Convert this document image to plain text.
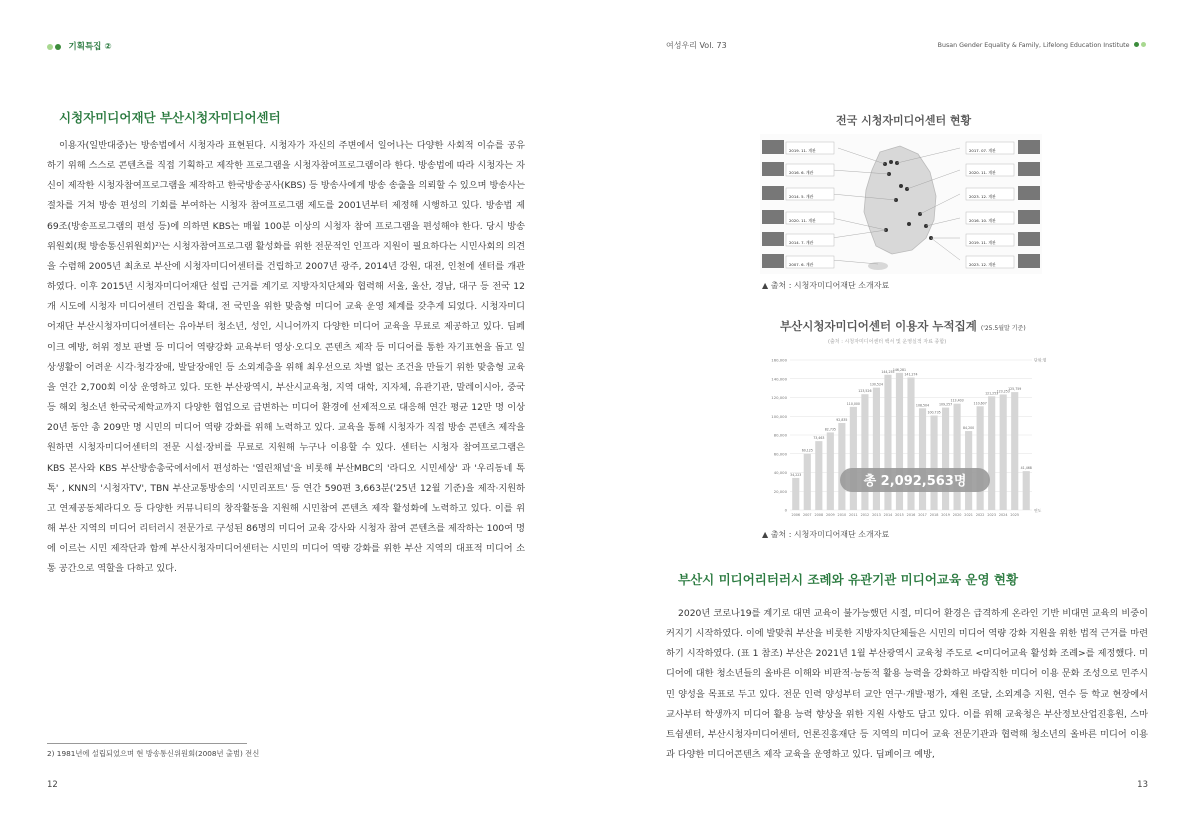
기획특집 ②	여성우리 Vol. 73	Busan Gender Equality & Family, Lifelong Education Institute
시청자미디어재단 부산시청자미디어센터

이용자(일반대중)는 방송법에서 시청자라 표현된다. 시청자가 자신의 주변에서 일어나는 다양한 사회적 이슈를 공유하기 위해 스스로 콘텐츠를 직접 기획하고 제작한 프로그램을 시청자참여프로그램이라 한다. 방송법에 따라 시청자는 자신이 제작한 시청자참여프로그램을 제작하고 한국방송공사(KBS) 등 방송사에게 방송 송출을 의뢰할 수 있으며 방송사는 절차를 거쳐 방송 편성의 기회를 부여하는 시청자 참여프로그램 제도를 2001년부터 제정해 시행하고 있다. 방송법 제69조(방송프로그램의 편성 등)에 의하면 KBS는 매월 100분 이상의 시청자 참여 프로그램을 편성해야 한다. 당시 방송위원회(現 방송통신위원회)²⁾는 시청자참여프로그램 활성화를 위한 전문적인 인프라 지원이 필요하다는 시민사회의 의견을 수렴해 2005년 최초로 부산에 시청자미디어센터를 건립하고 2007년 광주, 2014년 강원, 대전, 인천에 센터를 개관하였다. 이후 2015년 시청자미디어재단 설립 근거를 계기로 지방자치단체와 협력해 서울, 울산, 경남, 대구 등 전국 12개 시도에 시청자 미디어센터 건립을 확대, 전 국민을 위한 맞춤형 미디어 교육 운영 체계를 갖추게 되었다. 시청자미디어재단 부산시청자미디어센터는 유아부터 청소년, 성인, 시니어까지 다양한 미디어 교육을 무료로 제공하고 있다. 딥페이크 예방, 허위 정보 판별 등 미디어 역량강화 교육부터 영상·오디오 콘텐츠 제작 등 미디어를 통한 자기표현을 돕고 일상생활이 어려운 시각·청각장애, 발달장애인 등 소외계층을 위해 최우선으로 차별 없는 조건을 만들기 위한 맞춤형 교육을 연간 2,700회 이상 운영하고 있다. 또한 부산광역시, 부산시교육청, 지역 대학, 지자체, 유관기관, 말레이시아, 중국 등 해외 청소년 한국국제학교까지 다양한 협업으로 급변하는 미디어 환경에 선제적으로 대응해 연간 평균 12만 명 이상 20년 동안 총 209만 명 시민의 미디어 역량 강화를 위해 노력하고 있다. 교육을 통해 시청자가 직접 방송 콘텐츠 제작을 원하면 시청자미디어센터의 전문 시설·장비를 무료로 지원해 누구나 이용할 수 있다. 센터는 시청자 참여프로그램은 KBS 본사와 KBS 부산방송총국에서에서 편성하는 '열린채널'을 비롯해 부산MBC의 '라디오 시민세상' 과 '우리동네 톡톡' , KNN의 '시청자TV', TBN 부산교통방송의 '시민리포트' 등 연간 590편 3,663분('25년 12월 기준)을 제작·지원하고 연제공동체라디오 등 다양한 커뮤니티의 창작활동을 지원해 시민참여 콘텐츠 제작 활성화에 노력하고 있다. 이를 위해 부산 지역의 미디어 리터러시 전문가로 구성된 86명의 미디어 교육 강사와 시청자 참여 콘텐츠를 제작하는 100여 명에 이르는 시민 제작단과 함께 부산시청자미디어센터는 시민의 미디어 역량 강화를 위한 부산 지역의 대표적 미디어 소통 공간으로 역할을 다하고 있다.

2) 1981년에 설립되었으며 현 방송통신위원회(2008년 출범) 전신
12
전국 시청자미디어센터 현황
2019. 11. 개관
2016. 6. 개관
2014. 5. 개관
2020. 11. 개관
2014. 7. 개관
2007. 6. 개관
2017. 07. 개관
2020. 11. 개관
2023. 12. 개관
2016. 10. 개관
2019. 11. 개관
2023. 12. 개관
▲ 출처 : 시청자미디어재단 소개자료
부산시청자미디어센터 이용자 누적집계 ('25.5월말 기준)
(출처 : 시청자미디어센터 백서 및 운영실적 자료 종합)
0
20,000
40,000
60,000
80,000
100,000
120,000
140,000
160,000	단위:명
연도
34,223
60,125
73,463
82,735
92,835
110,000
123,526
130,524
144,255
146,281
141,274
108,504
100,735
109,257
113,403
84,200
110,607
121,253
123,253
125,759
41,468
2006 2007 2008 2009 2010 2011 2012 2013 2014 2015 2016 2017 2018 2019 2020 2021 2022 2023 2024 2025
총 2,092,563명
▲ 출처 : 시청자미디어재단 소개자료
부산시 미디어리터러시 조례와 유관기관 미디어교육 운영 현황

2020년 코로나19를 계기로 대면 교육이 불가능했던 시절, 미디어 환경은 급격하게 온라인 기반 비대면 교육의 비중이 커지기 시작하였다. 이에 발맞춰 부산을 비롯한 지방자치단체들은 시민의 미디어 역량 강화 지원을 위한 법적 근거를 마련하기 시작하였다. (표 1 참조) 부산은 2021년 1월 부산광역시 교육청 주도로 <미디어교육 활성화 조례>를 제정했다. 미디어에 대한 청소년들의 올바른 이해와 비판적·능동적 활용 능력을 강화하고 바람직한 미디어 이용 문화 조성으로 민주시민 양성을 목표로 두고 있다. 전문 인력 양성부터 교안 연구·개발·평가, 재원 조달, 소외계층 지원, 연수 등 학교 현장에서 교사부터 학생까지 미디어 활용 능력 향상을 위한 지원 사항도 담고 있다. 이를 위해 교육청은 부산정보산업진흥원, 스마트쉼센터, 부산시청자미디어센터, 언론진흥재단 등 지역의 미디어 교육 전문기관과 협력해 청소년의 올바른 미디어 이용과 다양한 미디어콘텐츠 제작 교육을 운영하고 있다. 딥페이크 예방,

13
